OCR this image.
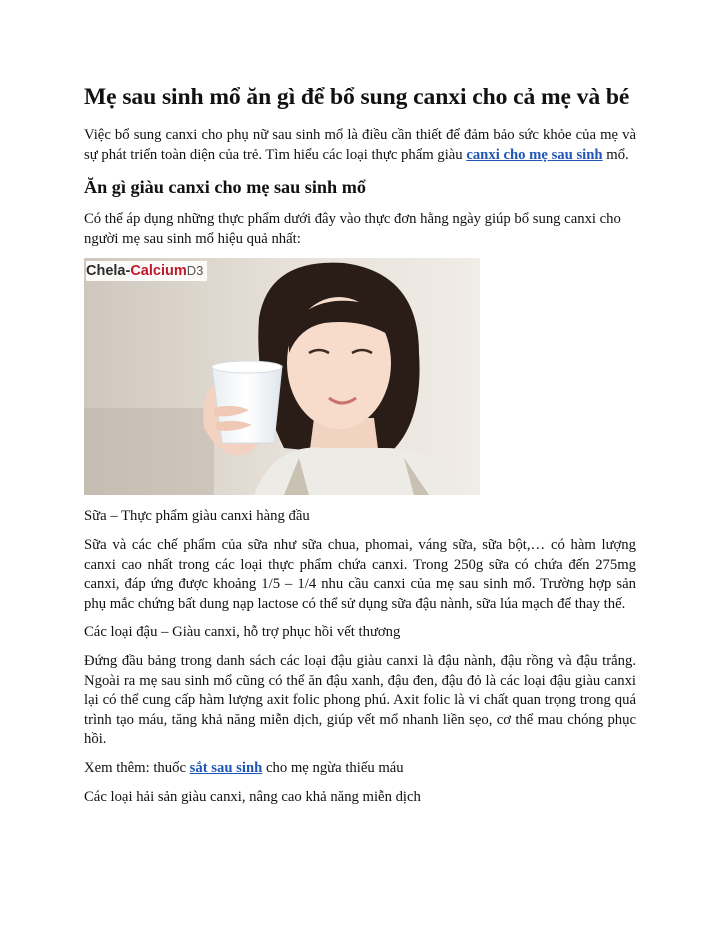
Mẹ sau sinh mổ ăn gì để bổ sung canxi cho cả mẹ và bé

Việc bổ sung canxi cho phụ nữ sau sinh mổ là điều cần thiết để đảm bảo sức khỏe của mẹ và sự phát triển toàn diện của trẻ. Tìm hiểu các loại thực phẩm giàu canxi cho mẹ sau sinh mổ.

Ăn gì giàu canxi cho mẹ sau sinh mổ

Có thể áp dụng những thực phẩm dưới đây vào thực đơn hằng ngày giúp bổ sung canxi cho người mẹ sau sinh mổ hiệu quả nhất:

Chela-CalciumD3

Sữa – Thực phẩm giàu canxi hàng đầu

Sữa và các chế phẩm của sữa như sữa chua, phomai, váng sữa, sữa bột,… có hàm lượng canxi cao nhất trong các loại thực phẩm chứa canxi. Trong 250g sữa có chứa đến 275mg canxi, đáp ứng được khoảng 1/5 – 1/4 nhu cầu canxi của mẹ sau sinh mổ. Trường hợp sản phụ mắc chứng bất dung nạp lactose có thể sử dụng sữa đậu nành, sữa lúa mạch để thay thế.

Các loại đậu – Giàu canxi, hỗ trợ phục hồi vết thương

Đứng đầu bảng trong danh sách các loại đậu giàu canxi là đậu nành, đậu rồng và đậu trắng. Ngoài ra mẹ sau sinh mổ cũng có thể ăn đậu xanh, đậu đen, đậu đỏ là các loại đậu giàu canxi lại có thể cung cấp hàm lượng axit folic phong phú. Axit folic là vi chất quan trọng trong quá trình tạo máu, tăng khả năng miễn dịch, giúp vết mổ nhanh liền sẹo, cơ thể mau chóng phục hồi.

Xem thêm: thuốc sắt sau sinh cho mẹ ngừa thiếu máu

Các loại hải sản giàu canxi, nâng cao khả năng miễn dịch
